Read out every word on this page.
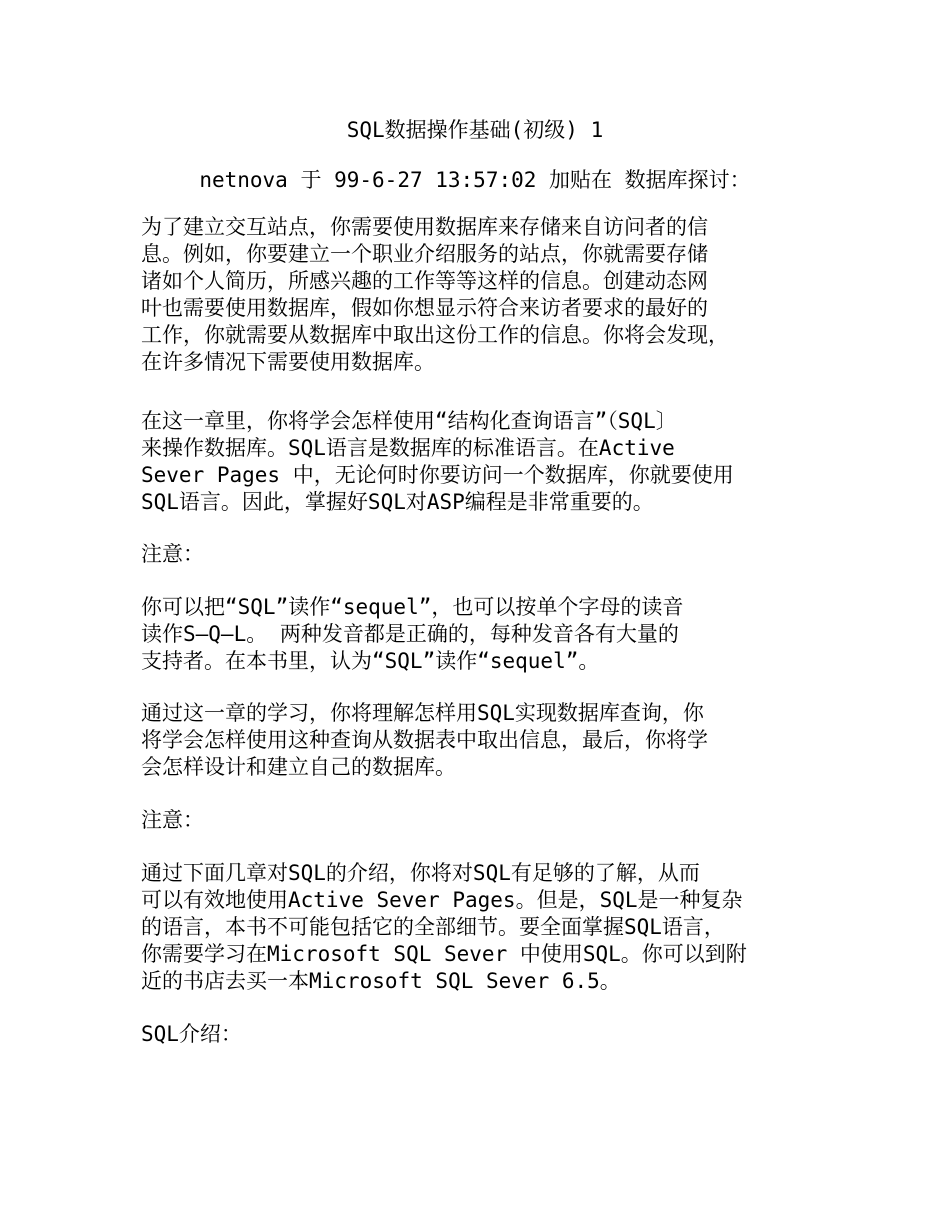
SQL数据操作基础(初级) 1
netnova 于 99-6-27 13:57:02 加贴在 数据库探讨：
为了建立交互站点，你需要使用数据库来存储来自访问者的信
息。例如，你要建立一个职业介绍服务的站点，你就需要存储
诸如个人简历，所感兴趣的工作等等这样的信息。创建动态网
叶也需要使用数据库，假如你想显示符合来访者要求的最好的
工作，你就需要从数据库中取出这份工作的信息。你将会发现，
在许多情况下需要使用数据库。
在这一章里，你将学会怎样使用“结构化查询语言”（SQL〕
来操作数据库。SQL语言是数据库的标准语言。在Active
Sever Pages 中，无论何时你要访问一个数据库，你就要使用
SQL语言。因此，掌握好SQL对ASP编程是非常重要的。
注意：
你可以把“SQL”读作“sequel”，也可以按单个字母的读音
读作S—Q—L。 两种发音都是正确的，每种发音各有大量的
支持者。在本书里，认为“SQL”读作“sequel”。
通过这一章的学习，你将理解怎样用SQL实现数据库查询，你
将学会怎样使用这种查询从数据表中取出信息，最后，你将学
会怎样设计和建立自己的数据库。
注意：
通过下面几章对SQL的介绍，你将对SQL有足够的了解，从而
可以有效地使用Active Sever Pages。但是，SQL是一种复杂
的语言，本书不可能包括它的全部细节。要全面掌握SQL语言，
你需要学习在Microsoft SQL Sever 中使用SQL。你可以到附
近的书店去买一本Microsoft SQL Sever 6.5。
SQL介绍：
